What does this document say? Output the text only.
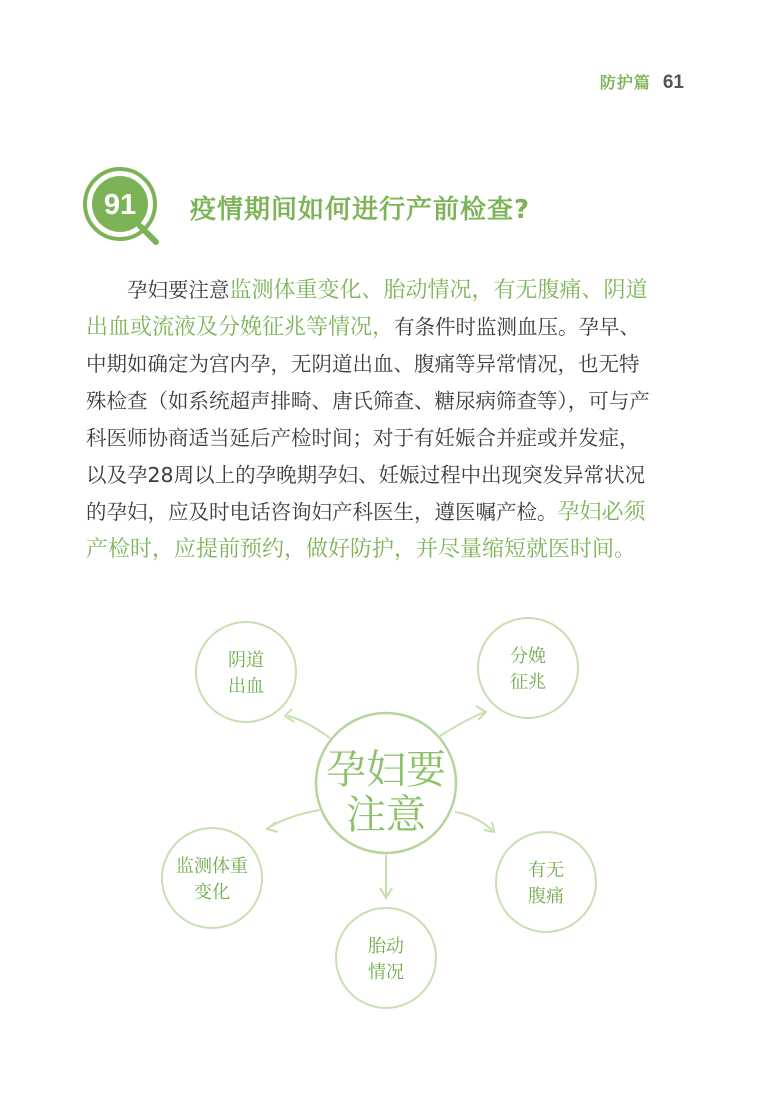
防护篇 61
91 疫情期间如何进行产前检查?
孕妇要注意监测体重变化、胎动情况，有无腹痛、阴道
出血或流液及分娩征兆等情况，有条件时监测血压。孕早、
中期如确定为宫内孕，无阴道出血、腹痛等异常情况，也无特
殊检查（如系统超声排畸、唐氏筛查、糖尿病筛查等），可与产
科医师协商适当延后产检时间；对于有妊娠合并症或并发症，
以及孕28周以上的孕晚期孕妇、妊娠过程中出现突发异常状况
的孕妇，应及时电话咨询妇产科医生，遵医嘱产检。孕妇必须
产检时，应提前预约，做好防护，并尽量缩短就医时间。
阴道
出血
分娩
征兆
孕妇要
注意
监测体重
变化
有无
腹痛
胎动
情况
